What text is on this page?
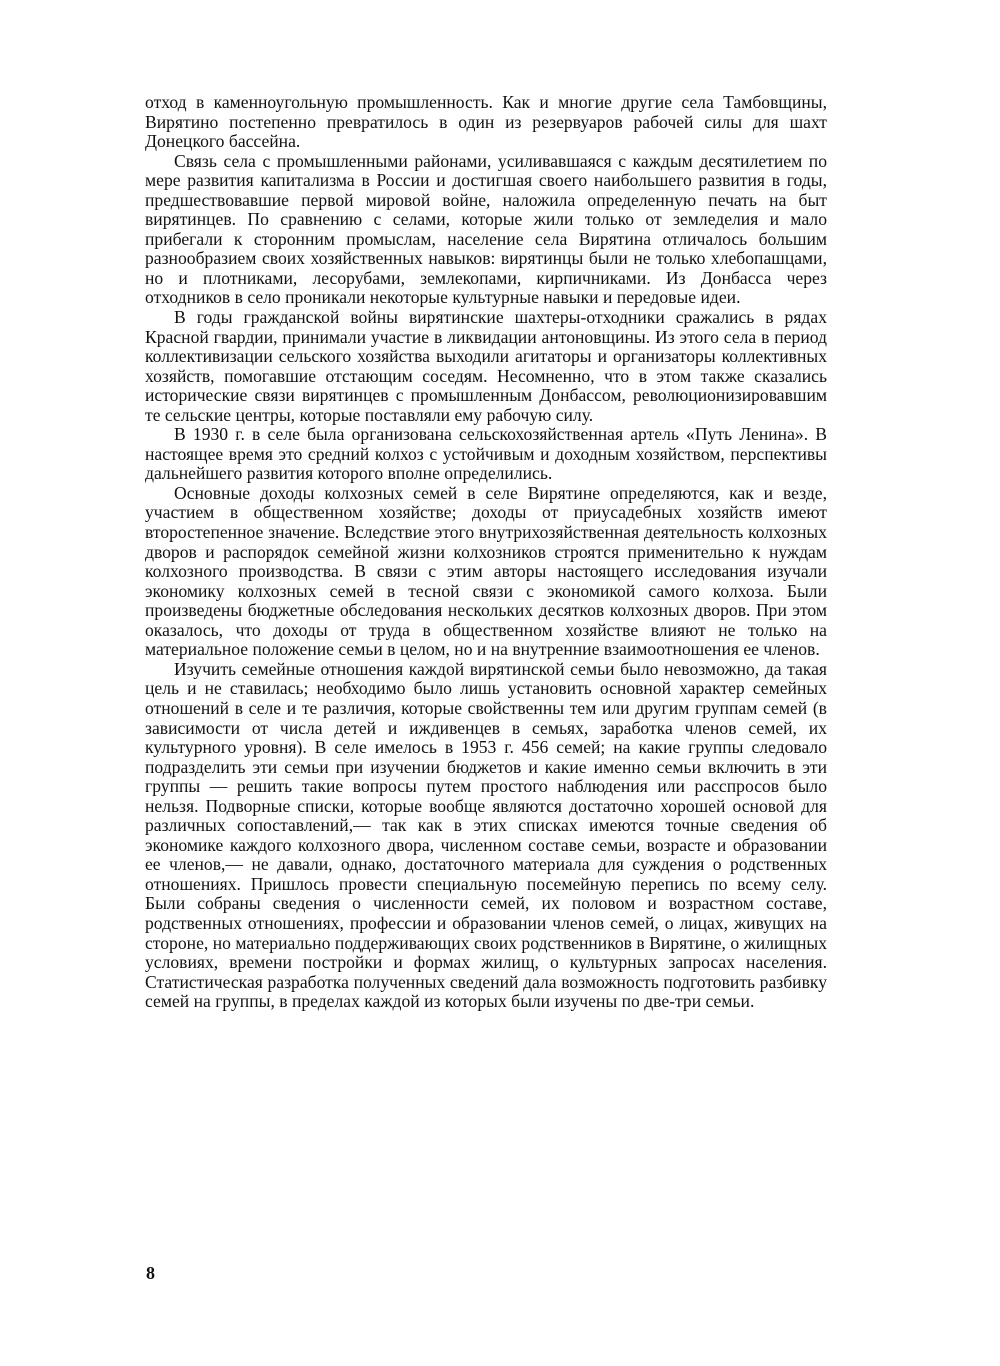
отход в каменноугольную промышленность. Как и многие другие села Тамбовщины, Вирятино постепенно превратилось в один из резервуаров рабочей силы для шахт Донецкого бассейна.

Связь села с промышленными районами, усиливавшаяся с каждым десятилетием по мере развития капитализма в России и достигшая своего наибольшего развития в годы, предшествовавшие первой мировой войне, наложила определенную печать на быт вирятинцев. По сравнению с селами, которые жили только от земледелия и мало прибегали к сторонним промыслам, население села Вирятина отличалось большим разнообразием своих хозяйственных навыков: вирятинцы были не только хлебопашцами, но и плотниками, лесорубами, землекопами, кирпичниками. Из Донбасса через отходников в село проникали некоторые культурные навыки и передовые идеи.

В годы гражданской войны вирятинские шахтеры-отходники сражались в рядах Красной гвардии, принимали участие в ликвидации антоновщины. Из этого села в период коллективизации сельского хозяйства выходили агитаторы и организаторы коллективных хозяйств, помогавшие отстающим соседям. Несомненно, что в этом также сказались исторические связи вирятинцев с промышленным Донбассом, революционизировавшим те сельские центры, которые поставляли ему рабочую силу.

В 1930 г. в селе была организована сельскохозяйственная артель «Путь Ленина». В настоящее время это средний колхоз с устойчивым и доходным хозяйством, перспективы дальнейшего развития которого вполне определились.

Основные доходы колхозных семей в селе Вирятине определяются, как и везде, участием в общественном хозяйстве; доходы от приусадебных хозяйств имеют второстепенное значение. Вследствие этого внутрихозяйственная деятельность колхозных дворов и распорядок семейной жизни колхозников строятся применительно к нуждам колхозного производства. В связи с этим авторы настоящего исследования изучали экономику колхозных семей в тесной связи с экономикой самого колхоза. Были произведены бюджетные обследования нескольких десятков колхозных дворов. При этом оказалось, что доходы от труда в общественном хозяйстве влияют не только на материальное положение семьи в целом, но и на внутренние взаимоотношения ее членов.

Изучить семейные отношения каждой вирятинской семьи было невозможно, да такая цель и не ставилась; необходимо было лишь установить основной характер семейных отношений в селе и те различия, которые свойственны тем или другим группам семей (в зависимости от числа детей и иждивенцев в семьях, заработка членов семей, их культурного уровня). В селе имелось в 1953 г. 456 семей; на какие группы следовало подразделить эти семьи при изучении бюджетов и какие именно семьи включить в эти группы — решить такие вопросы путем простого наблюдения или расспросов было нельзя. Подворные списки, которые вообще являются достаточно хорошей основой для различных сопоставлений,— так как в этих списках имеются точные сведения об экономике каждого колхозного двора, численном составе семьи, возрасте и образовании ее членов,— не давали, однако, достаточного материала для суждения о родственных отношениях. Пришлось провести специальную посемейную перепись по всему селу. Были собраны сведения о численности семей, их половом и возрастном составе, родственных отношениях, профессии и образовании членов семей, о лицах, живущих на стороне, но материально поддерживающих своих родственников в Вирятине, о жилищных условиях, времени постройки и формах жилищ, о культурных запросах населения. Статистическая разработка полученных сведений дала возможность подготовить разбивку семей на группы, в пределах каждой из которых были изучены по две-три семьи.

8
